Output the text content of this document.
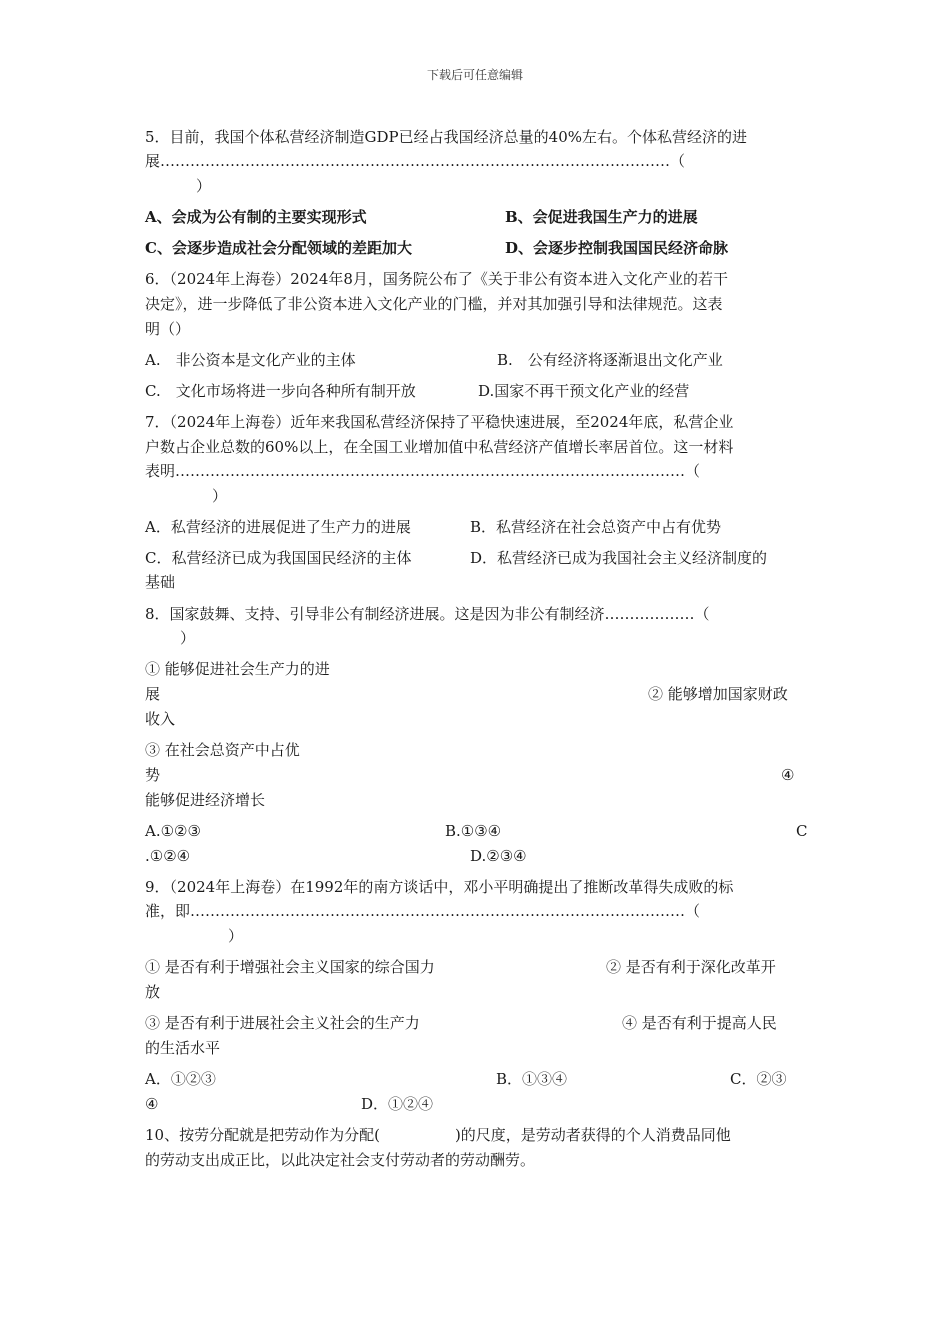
下载后可任意编辑
5．目前，我国个体私营经济制造GDP已经占我国经济总量的40%左右。个体私营经济的进
展…………………………………………………………………………………………（
）
A、会成为公有制的主要实现形式	B、会促进我国生产力的进展
C、会逐步造成社会分配领域的差距加大	D、会逐步控制我国国民经济命脉
6．（2024年上海卷）2024年8月，国务院公布了《关于非公有资本进入文化产业的若干
决定》，进一步降低了非公资本进入文化产业的门槛，并对其加强引导和法律规范。这表
明（）
A.　非公资本是文化产业的主体	B.　公有经济将逐渐退出文化产业
C.　文化市场将进一步向各种所有制开放	D.国家不再干预文化产业的经营
7．（2024年上海卷）近年来我国私营经济保持了平稳快速进展，至2024年底，私营企业
户数占企业总数的60%以上，在全国工业增加值中私营经济产值增长率居首位。这一材料
表明…………………………………………………………………………………………（
）
A．私营经济的进展促进了生产力的进展	B．私营经济在社会总资产中占有优势
C．私营经济已成为我国国民经济的主体	D．私营经济已成为我国社会主义经济制度的
基础
8．国家鼓舞、支持、引导非公有制经济进展。这是因为非公有制经济………………（
）
① 能够促进社会生产力的进
展	② 能够增加国家财政
收入
③ 在社会总资产中占优
势	④
能够促进经济增长
A.①②③	B.①③④	C
.①②④	D.②③④
9．（2024年上海卷）在1992年的南方谈话中，邓小平明确提出了推断改革得失成败的标
准，即………………………………………………………………………………………（
）
① 是否有利于增强社会主义国家的综合国力	② 是否有利于深化改革开
放
③ 是否有利于进展社会主义社会的生产力	④ 是否有利于提高人民
的生活水平
A．①②③	B．①③④	C．②③
④	D．①②④
10、按劳分配就是把劳动作为分配(　　　　　)的尺度，是劳动者获得的个人消费品同他
的劳动支出成正比，以此决定社会支付劳动者的劳动酬劳。
